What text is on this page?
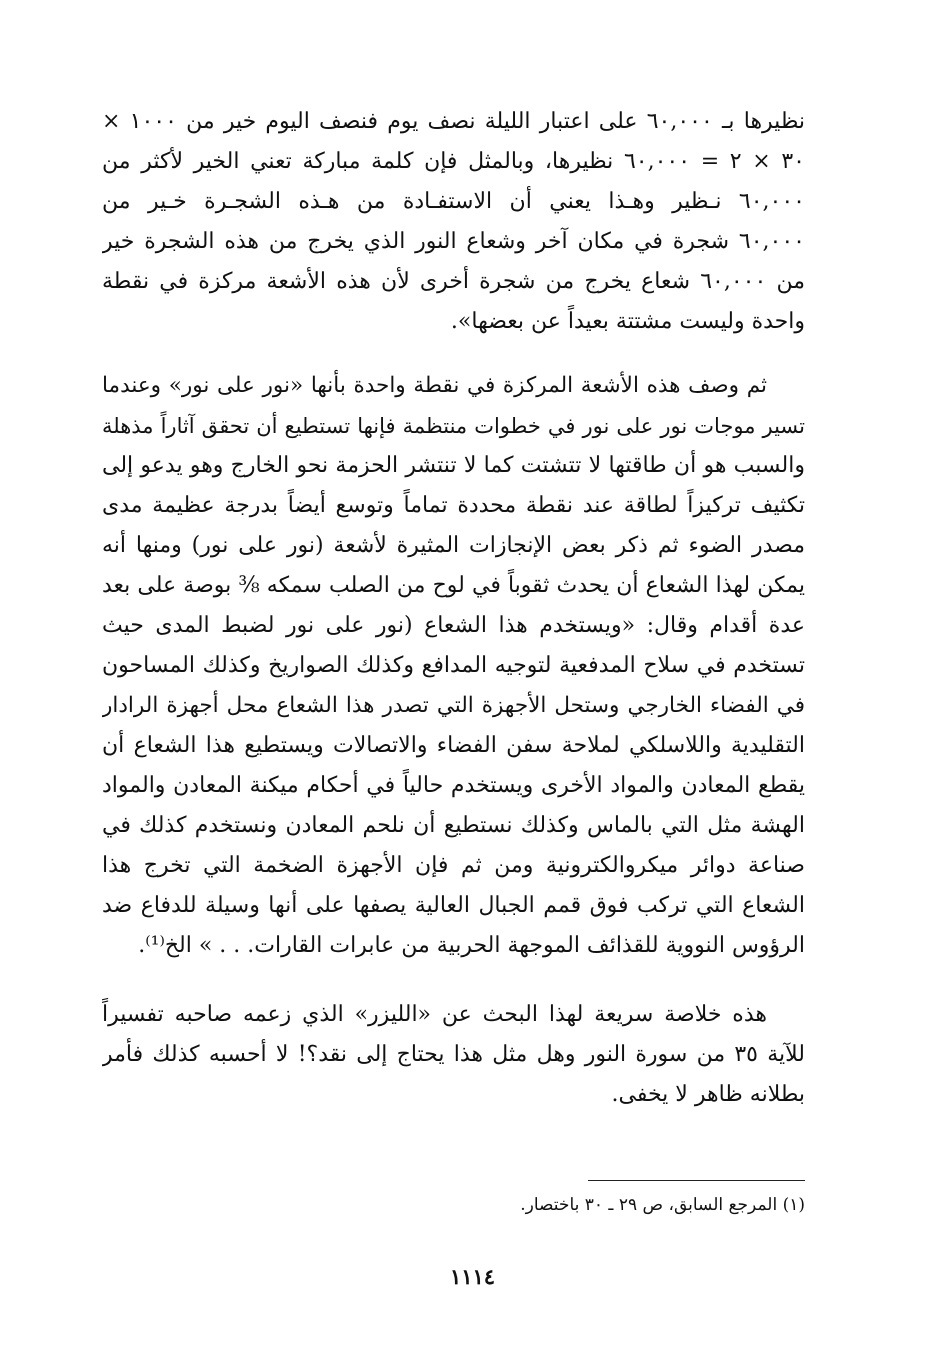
نظيرها بـ ٦٠,٠٠٠ على اعتبار الليلة نصف يوم فنصف اليوم خير من ١٠٠٠ ×
٣٠ × ٢ = ٦٠,٠٠٠ نظيرها، وبالمثل فإن كلمة مباركة تعني الخير لأكثر من
٦٠,٠٠٠ نـظير وهـذا يعني أن الاستفـادة من هـذه الشجـرة خـير من
٦٠,٠٠٠ شجرة في مكان آخر وشعاع النور الذي يخرج من هذه الشجرة خير
من ٦٠,٠٠٠ شعاع يخرج من شجرة أخرى لأن هذه الأشعة مركزة في نقطة
واحدة وليست مشتتة بعيداً عن بعضها».
ثم وصف هذه الأشعة المركزة في نقطة واحدة بأنها «نور على نور» وعندما
تسير موجات نور على نور في خطوات منتظمة فإنها تستطيع أن تحقق آثاراً مذهلة
والسبب هو أن طاقتها لا تتشتت كما لا تنتشر الحزمة نحو الخارج وهو يدعو إلى
تكثيف تركيزاً لطاقة عند نقطة محددة تماماً وتوسع أيضاً بدرجة عظيمة مدى
مصدر الضوء ثم ذكر بعض الإنجازات المثيرة لأشعة (نور على نور) ومنها أنه
يمكن لهذا الشعاع أن يحدث ثقوباً في لوح من الصلب سمكه ⅜ بوصة على بعد
عدة أقدام وقال: «ويستخدم هذا الشعاع (نور على نور لضبط المدى حيث
تستخدم في سلاح المدفعية لتوجيه المدافع وكذلك الصواريخ وكذلك المساحون
في الفضاء الخارجي وستحل الأجهزة التي تصدر هذا الشعاع محل أجهزة الرادار
التقليدية واللاسلكي لملاحة سفن الفضاء والاتصالات ويستطيع هذا الشعاع أن
يقطع المعادن والمواد الأخرى ويستخدم حالياً في أحكام ميكنة المعادن والمواد
الهشة مثل التي بالماس وكذلك نستطيع أن نلحم المعادن ونستخدم كذلك في
صناعة دوائر ميكروالكترونية ومن ثم فإن الأجهزة الضخمة التي تخرج هذا
الشعاع التي تركب فوق قمم الجبال العالية يصفها على أنها وسيلة للدفاع ضد
الرؤوس النووية للقذائف الموجهة الحربية من عابرات القارات. . . » الخ⁽¹⁾.
هذه خلاصة سريعة لهذا البحث عن «الليزر» الذي زعمه صاحبه تفسيراً
للآية ٣٥ من سورة النور وهل مثل هذا يحتاج إلى نقد؟! لا أحسبه كذلك فأمر
بطلانه ظاهر لا يخفى.
(١) المرجع السابق، ص ٢٩ ـ ٣٠ باختصار.
١١١٤
